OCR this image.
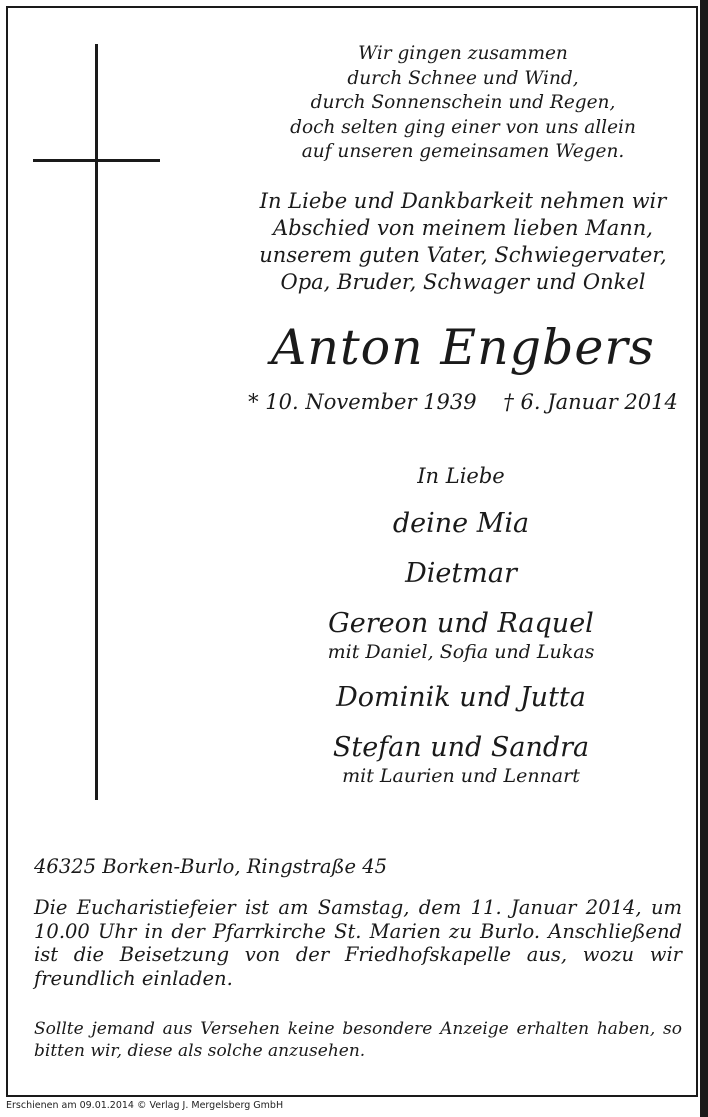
Wir gingen zusammen
durch Schnee und Wind,
durch Sonnenschein und Regen,
doch selten ging einer von uns allein
auf unseren gemeinsamen Wegen.
In Liebe und Dankbarkeit nehmen wir
Abschied von meinem lieben Mann,
unserem guten Vater, Schwiegervater,
Opa, Bruder, Schwager und Onkel
Anton Engbers
* 10. November 1939    † 6. Januar 2014
In Liebe
deine Mia
Dietmar
Gereon und Raquel
mit Daniel, Sofia und Lukas
Dominik und Jutta
Stefan und Sandra
mit Laurien und Lennart
46325 Borken-Burlo, Ringstraße 45
Die Eucharistiefeier ist am Samstag, dem 11. Januar 2014, um 10.00 Uhr in der Pfarrkirche St. Marien zu Burlo. Anschließend ist die Beisetzung von der Friedhofskapelle aus, wozu wir freundlich einladen.
Sollte jemand aus Versehen keine besondere Anzeige erhalten haben, so bitten wir, diese als solche anzusehen.
Erschienen am 09.01.2014 © Verlag J. Mergelsberg GmbH
